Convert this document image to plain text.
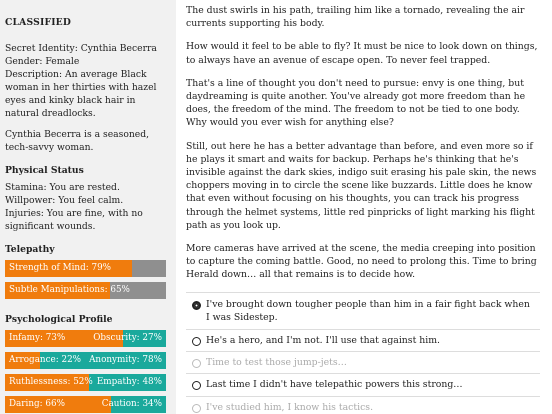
CLASSIFIED
Secret Identity: Cynthia Becerra
Gender: Female
Description: An average Black woman in her thirties with hazel eyes and kinky black hair in natural dreadlocks.
Cynthia Becerra is a seasoned, tech-savvy woman.
Physical Status
Stamina: You are rested.
Willpower: You feel calm.
Injuries: You are fine, with no significant wounds.
Telepathy
Strength of Mind: 79%
Subtle Manipulations: 65%
Psychological Profile
Infamy: 73%	Obscurity: 27%
Arrogance: 22% Anonymity: 78%
Ruthlessness: 52% Empathy: 48%
Daring: 66%	Caution: 34%

The dust swirls in his path, trailing him like a tornado, revealing the air currents supporting his body.

How would it feel to be able to fly? It must be nice to look down on things, to always have an avenue of escape open. To never feel trapped.

That's a line of thought you don't need to pursue: envy is one thing, but daydreaming is quite another. You've already got more freedom than he does, the freedom of the mind. The freedom to not be tied to one body. Why would you ever wish for anything else?

Still, out here he has a better advantage than before, and even more so if he plays it smart and waits for backup. Perhaps he's thinking that he's invisible against the dark skies, indigo suit erasing his pale skin, the news choppers moving in to circle the scene like buzzards. Little does he know that even without focusing on his thoughts, you can track his progress through the helmet systems, little red pinpricks of light marking his flight path as you look up.

More cameras have arrived at the scene, the media creeping into position to capture the coming battle. Good, no need to prolong this. Time to bring Herald down… all that remains is to decide how.

I've brought down tougher people than him in a fair fight back when I was Sidestep.
He's a hero, and I'm not. I'll use that against him.
Time to test those jump-jets…
Last time I didn't have telepathic powers this strong…
I've studied him, I know his tactics.
